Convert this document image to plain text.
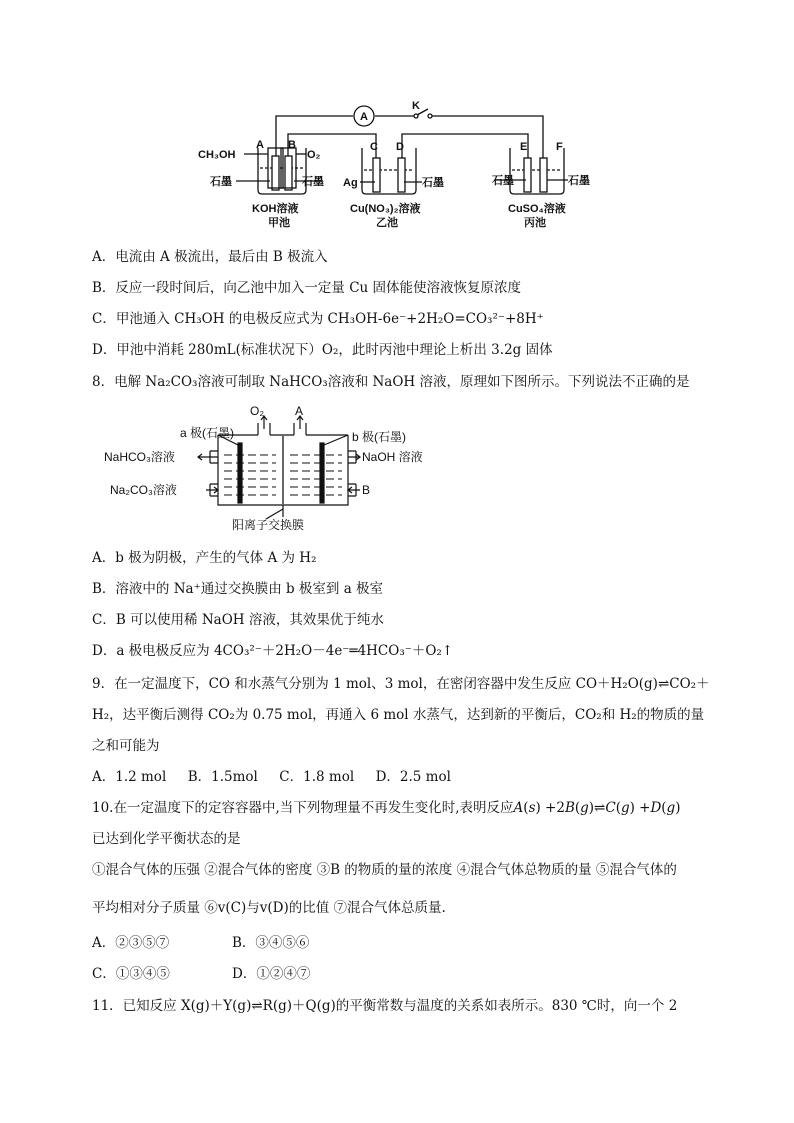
A
K
CH₃OH	O₂
A B	C D	E	F
石墨	石墨 Ag	石墨	石墨	石墨
KOH溶液
甲池
Cu(NO₃)₂溶液
乙池
CuSO₄溶液
丙池
A．电流由 A 极流出，最后由 B 极流入
B．反应一段时间后，向乙池中加入一定量 Cu 固体能使溶液恢复原浓度
C．甲池通入 CH₃OH 的电极反应式为 CH₃OH-6e⁻+2H₂O=CO₃²⁻+8H⁺
D．甲池中消耗 280mL(标准状况下）O₂，此时丙池中理论上析出 3.2g 固体
8．电解 Na₂CO₃溶液可制取 NaHCO₃溶液和 NaOH 溶液，原理如下图所示。下列说法不正确的是
O₂	A
a 极(石墨)	b 极(石墨)
NaHCO₃溶液
Na₂CO₃溶液
NaOH 溶液
B
阳离子交换膜
A．b 极为阴极，产生的气体 A 为 H₂
B．溶液中的 Na⁺通过交换膜由 b 极室到 a 极室
C．B 可以使用稀 NaOH 溶液，其效果优于纯水
D．a 极电极反应为 4CO₃²⁻＋2H₂O－4e⁻═4HCO₃⁻＋O₂↑
9．在一定温度下，CO 和水蒸气分别为 1 mol、3 mol，在密闭容器中发生反应 CO＋H₂O(g)⇌CO₂＋
H₂，达平衡后测得 CO₂为 0.75 mol，再通入 6 mol 水蒸气，达到新的平衡后，CO₂和 H₂的物质的量
之和可能为
A．1.2 mol     B．1.5mol     C．1.8 mol     D．2.5 mol
10.在一定温度下的定容容器中,当下列物理量不再发生变化时,表明反应𝐴(𝑠) +2𝐵(𝑔)⇌𝐶(𝑔) +𝐷(𝑔)
已达到化学平衡状态的是
①混合气体的压强 ②混合气体的密度 ③B 的物质的量的浓度 ④混合气体总物质的量 ⑤混合气体的
平均相对分子质量 ⑥v(C)与v(D)的比值 ⑦混合气体总质量.
A．②③⑤⑦	B．③④⑤⑥
C．①③④⑤	D．①②④⑦
11．已知反应 X(g)＋Y(g)⇌R(g)＋Q(g)的平衡常数与温度的关系如表所示。830 ℃时，向一个 2
